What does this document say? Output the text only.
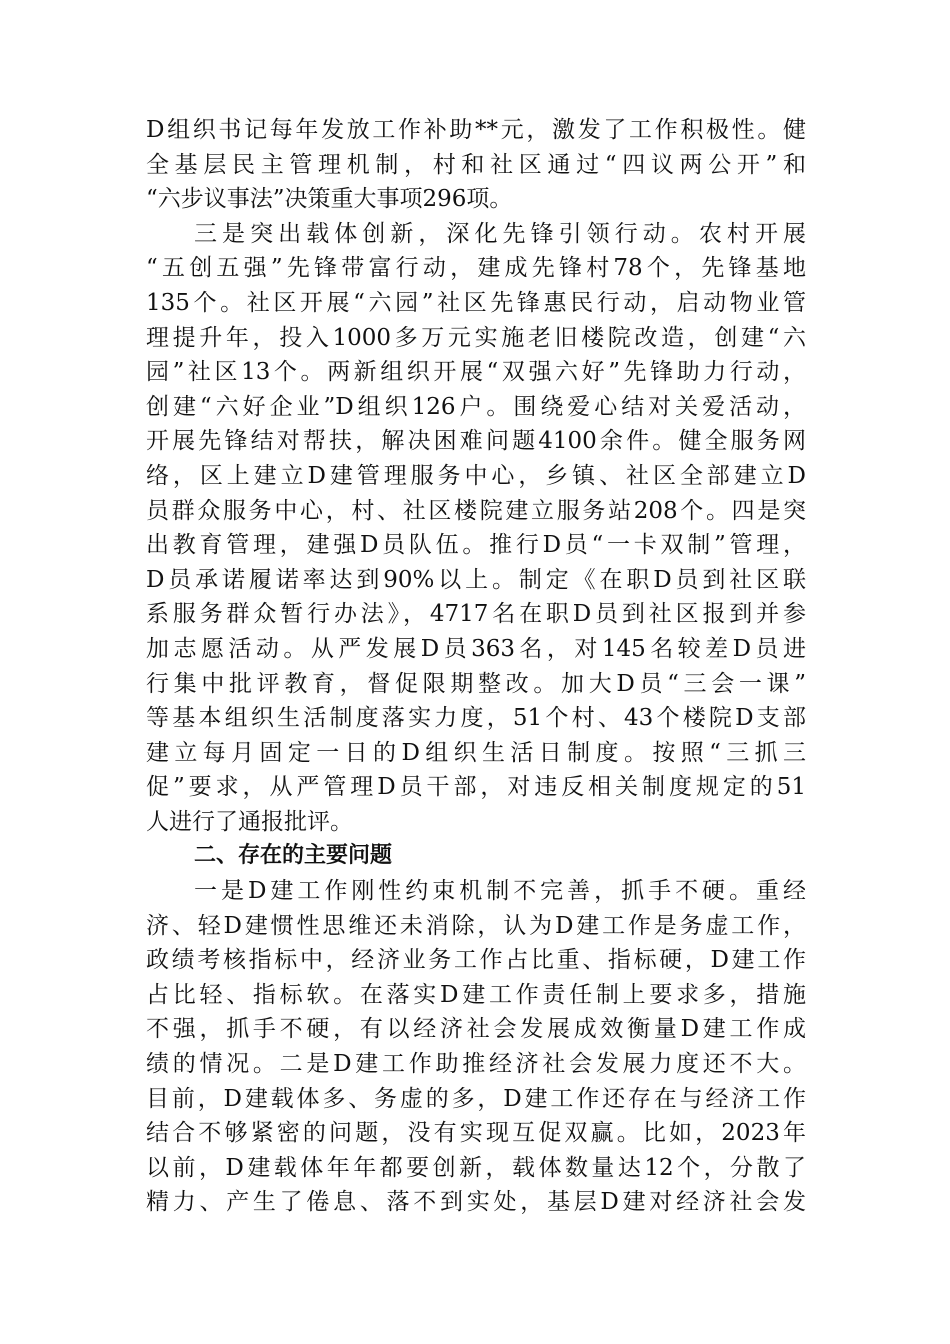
D组织书记每年发放工作补助**元，激发了工作积极性。健
全基层民主管理机制，村和社区通过“四议两公开”和
“六步议事法”决策重大事项296项。
三是突出载体创新，深化先锋引领行动。农村开展
“五创五强”先锋带富行动，建成先锋村78个，先锋基地
135个。社区开展“六园”社区先锋惠民行动，启动物业管
理提升年，投入1000多万元实施老旧楼院改造，创建“六
园”社区13个。两新组织开展“双强六好”先锋助力行动，
创建“六好企业”D组织126户。围绕爱心结对关爱活动，
开展先锋结对帮扶，解决困难问题4100余件。健全服务网
络，区上建立D建管理服务中心，乡镇、社区全部建立D
员群众服务中心，村、社区楼院建立服务站208个。四是突
出教育管理，建强D员队伍。推行D员“一卡双制”管理，
D员承诺履诺率达到90%以上。制定《在职D员到社区联
系服务群众暂行办法》，4717名在职D员到社区报到并参
加志愿活动。从严发展D员363名，对145名较差D员进
行集中批评教育，督促限期整改。加大D员“三会一课”
等基本组织生活制度落实力度，51个村、43个楼院D支部
建立每月固定一日的D组织生活日制度。按照“三抓三
促”要求，从严管理D员干部，对违反相关制度规定的51
人进行了通报批评。
二、存在的主要问题
一是D建工作刚性约束机制不完善，抓手不硬。重经
济、轻D建惯性思维还未消除，认为D建工作是务虚工作，
政绩考核指标中，经济业务工作占比重、指标硬，D建工作
占比轻、指标软。在落实D建工作责任制上要求多，措施
不强，抓手不硬，有以经济社会发展成效衡量D建工作成
绩的情况。二是D建工作助推经济社会发展力度还不大。
目前，D建载体多、务虚的多，D建工作还存在与经济工作
结合不够紧密的问题，没有实现互促双赢。比如，2023年
以前，D建载体年年都要创新，载体数量达12个，分散了
精力、产生了倦息、落不到实处，基层D建对经济社会发
